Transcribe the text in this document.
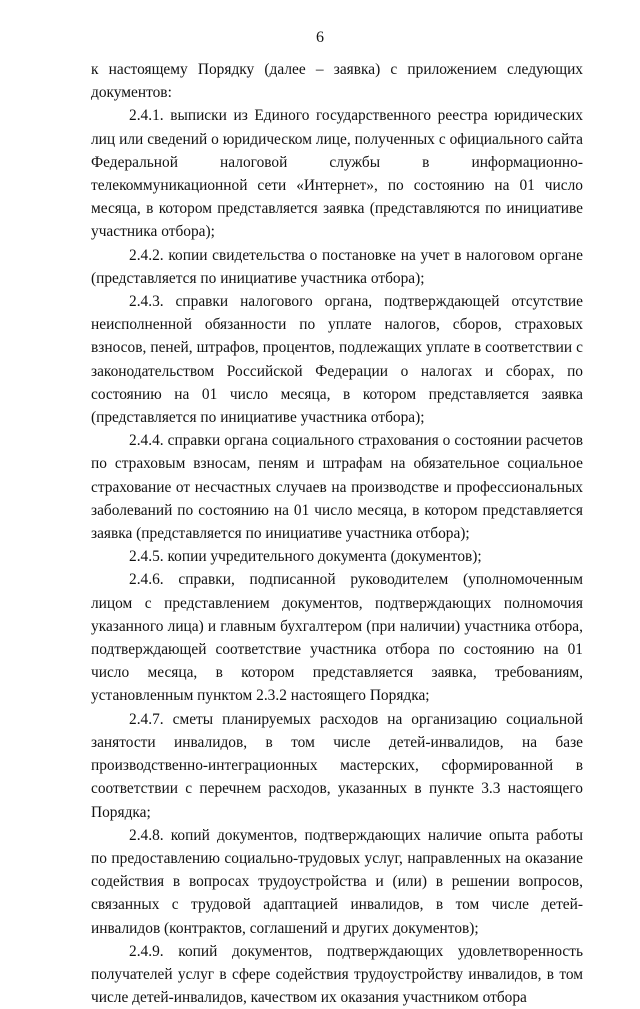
6

к настоящему Порядку (далее – заявка) с приложением следующих документов:

2.4.1. выписки из Единого государственного реестра юридических лиц или сведений о юридическом лице, полученных с официального сайта Федеральной налоговой службы в информационно-телекоммуникационной сети «Интернет», по состоянию на 01 число месяца, в котором представляется заявка (представляются по инициативе участника отбора);

2.4.2. копии свидетельства о постановке на учет в налоговом органе (представляется по инициативе участника отбора);

2.4.3. справки налогового органа, подтверждающей отсутствие неисполненной обязанности по уплате налогов, сборов, страховых взносов, пеней, штрафов, процентов, подлежащих уплате в соответствии с законодательством Российской Федерации о налогах и сборах, по состоянию на 01 число месяца, в котором представляется заявка (представляется по инициативе участника отбора);

2.4.4. справки органа социального страхования о состоянии расчетов по страховым взносам, пеням и штрафам на обязательное социальное страхование от несчастных случаев на производстве и профессиональных заболеваний по состоянию на 01 число месяца, в котором представляется заявка (представляется по инициативе участника отбора);

2.4.5. копии учредительного документа (документов);

2.4.6. справки, подписанной руководителем (уполномоченным лицом с представлением документов, подтверждающих полномочия указанного лица) и главным бухгалтером (при наличии) участника отбора, подтверждающей соответствие участника отбора по состоянию на 01 число месяца, в котором представляется заявка, требованиям, установленным пунктом 2.3.2 настоящего Порядка;

2.4.7. сметы планируемых расходов на организацию социальной занятости инвалидов, в том числе детей-инвалидов, на базе производственно-интеграционных мастерских, сформированной в соответствии с перечнем расходов, указанных в пункте 3.3 настоящего Порядка;

2.4.8. копий документов, подтверждающих наличие опыта работы по предоставлению социально-трудовых услуг, направленных на оказание содействия в вопросах трудоустройства и (или) в решении вопросов, связанных с трудовой адаптацией инвалидов, в том числе детей-инвалидов (контрактов, соглашений и других документов);

2.4.9. копий документов, подтверждающих удовлетворенность получателей услуг в сфере содействия трудоустройству инвалидов, в том числе детей-инвалидов, качеством их оказания участником отбора
